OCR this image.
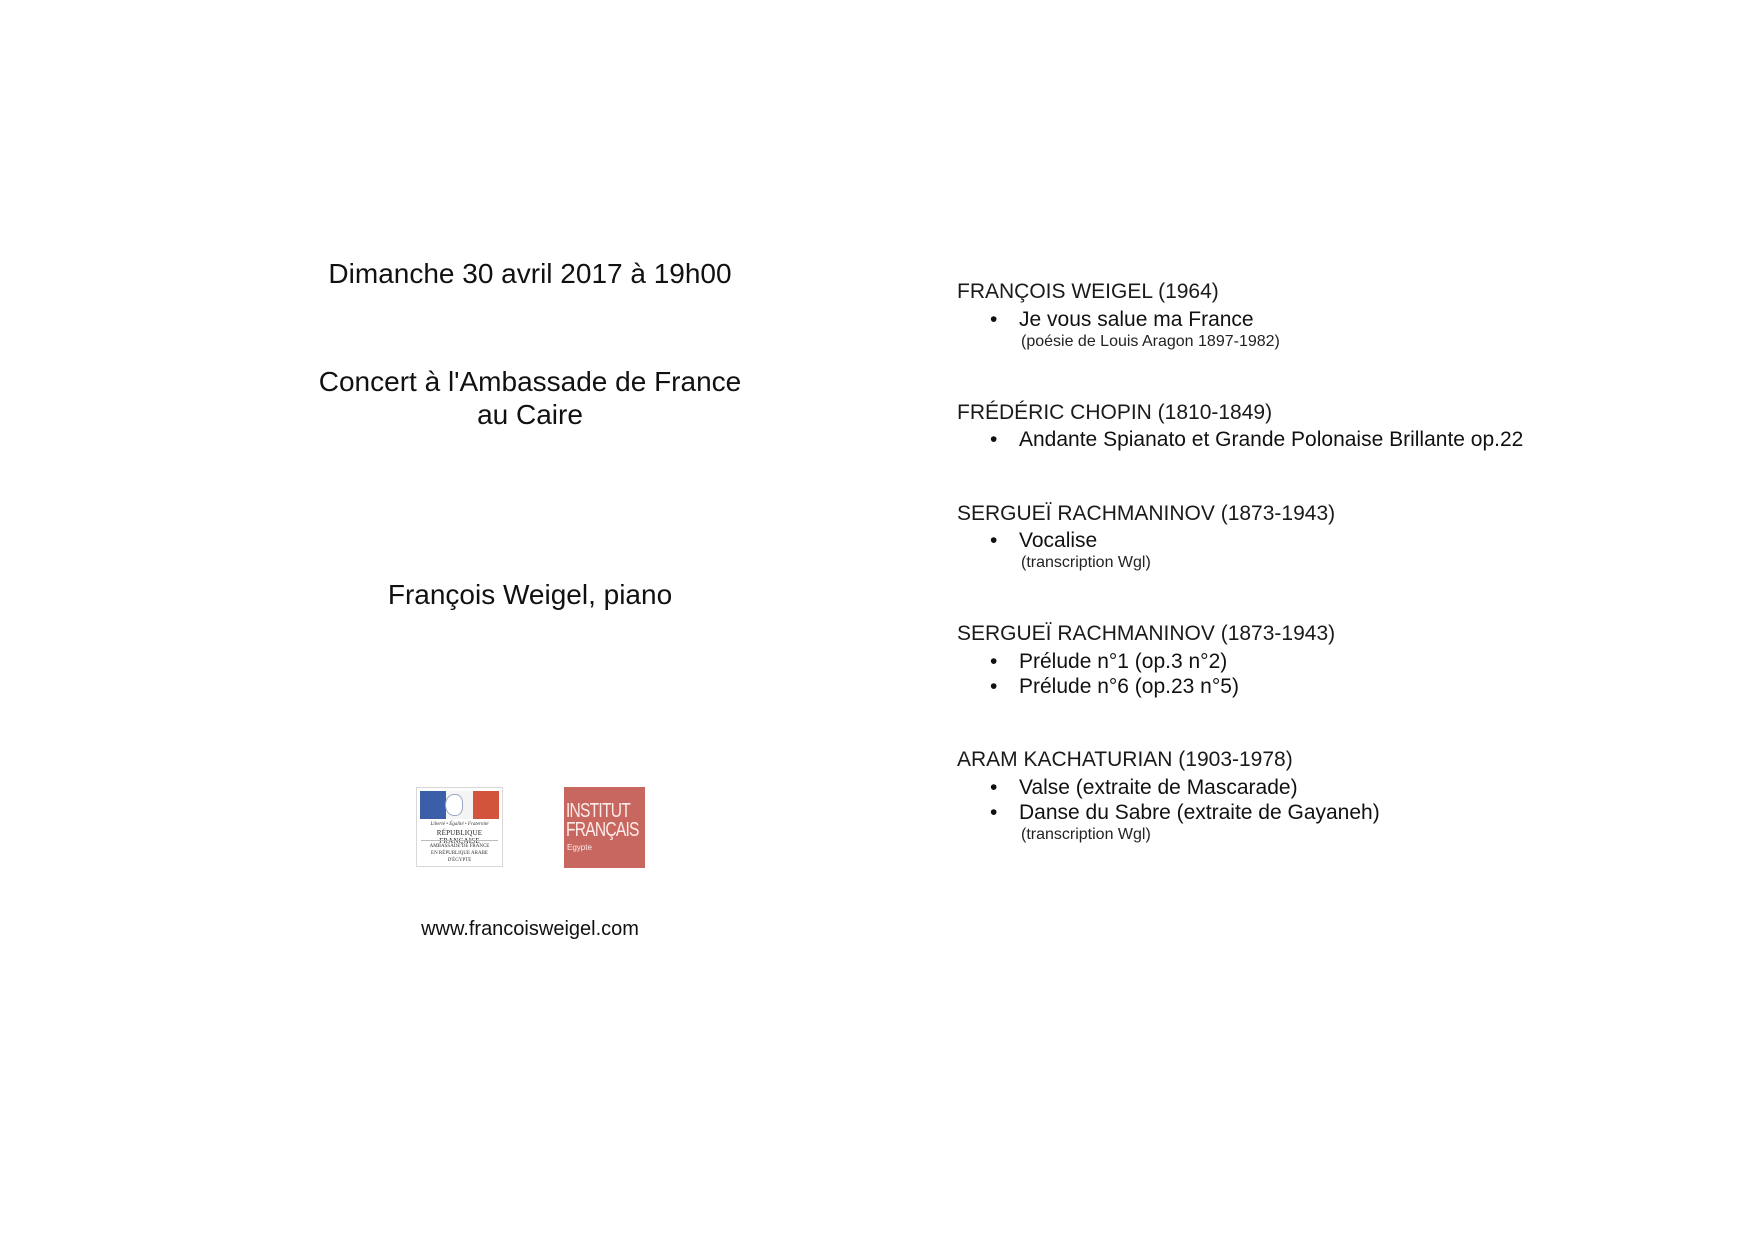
Dimanche 30 avril 2017 à 19h00
Concert à l'Ambassade de France
au Caire
François Weigel, piano
www.francoisweigel.com
Liberté • Égalité • Fraternité
RÉPUBLIQUE FRANÇAISE
AMBASSADE DE FRANCE
EN RÉPUBLIQUE ARABE
D'ÉGYPTE
INSTITUT
FRANÇAIS
Egypte
FRANÇOIS WEIGEL (1964)
• Je vous salue ma France
(poésie de Louis Aragon 1897-1982)
FRÉDÉRIC CHOPIN (1810-1849)
• Andante Spianato et Grande Polonaise Brillante op.22
SERGUEÏ RACHMANINOV (1873-1943)
• Vocalise
(transcription Wgl)
SERGUEÏ RACHMANINOV (1873-1943)
• Prélude n°1 (op.3 n°2)
• Prélude n°6 (op.23 n°5)
ARAM KACHATURIAN (1903-1978)
• Valse (extraite de Mascarade)
• Danse du Sabre (extraite de Gayaneh)
(transcription Wgl)
